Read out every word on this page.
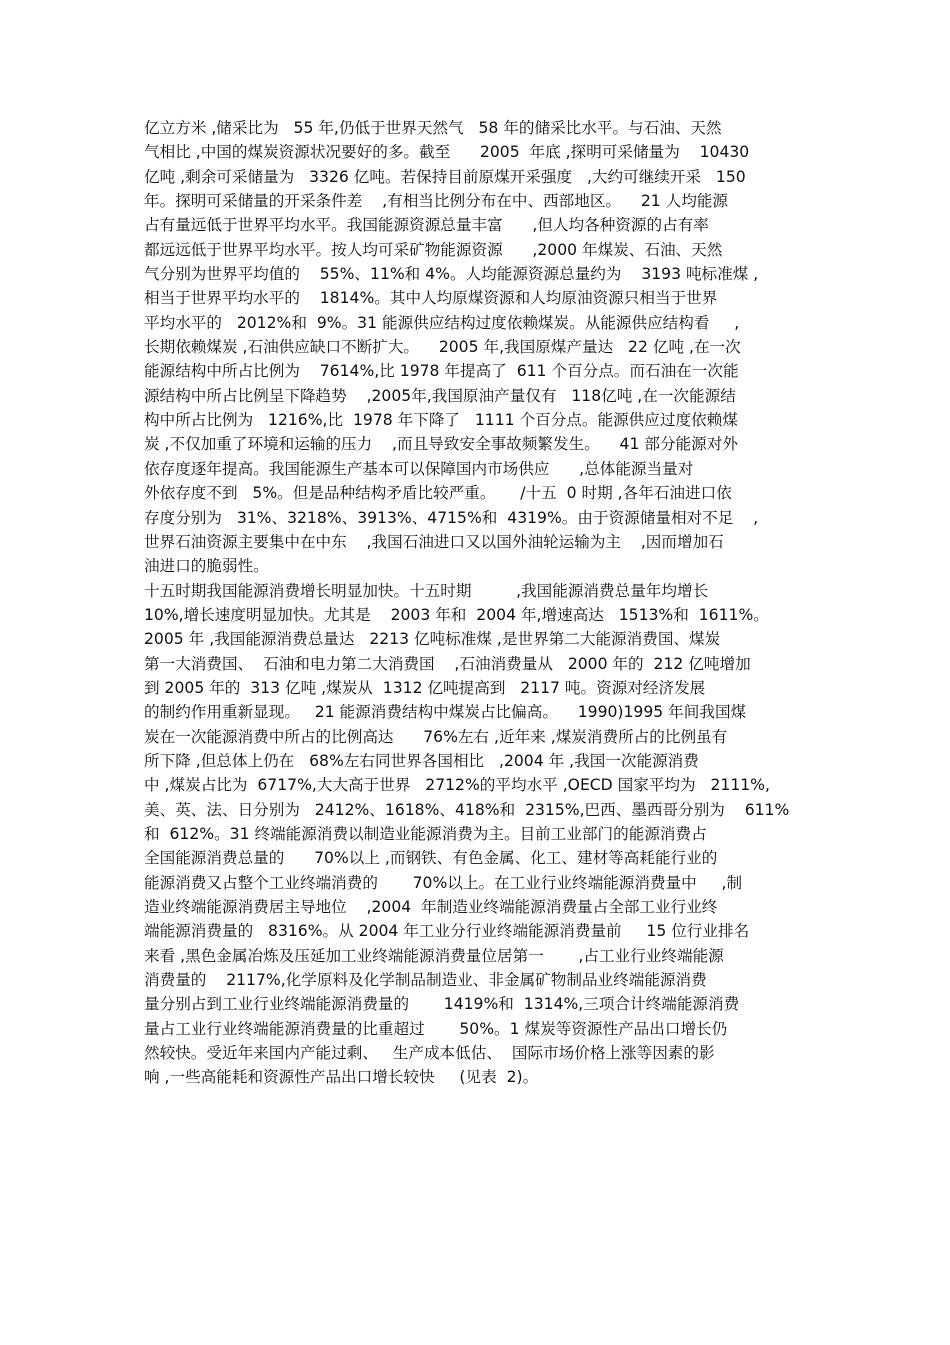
亿立方米 ,储采比为   55 年,仍低于世界天然气   58 年的储采比水平。与石油、天然
气相比 ,中国的煤炭资源状况要好的多。截至      2005  年底 ,探明可采储量为    10430
亿吨 ,剩余可采储量为   3326 亿吨。若保持目前原煤开采强度   ,大约可继续开采   150
年。探明可采储量的开采条件差    ,有相当比例分布在中、西部地区。    21 人均能源
占有量远低于世界平均水平。我国能源资源总量丰富      ,但人均各种资源的占有率
都远远低于世界平均水平。按人均可采矿物能源资源      ,2000 年煤炭、石油、天然
气分别为世界平均值的    55%、11%和 4%。人均能源资源总量约为    3193 吨标准煤 ,
相当于世界平均水平的    1814%。其中人均原煤资源和人均原油资源只相当于世界
平均水平的   2012%和  9%。31 能源供应结构过度依赖煤炭。从能源供应结构看     ,
长期依赖煤炭 ,石油供应缺口不断扩大。    2005 年,我国原煤产量达   22 亿吨 ,在一次
能源结构中所占比例为    7614%,比 1978 年提高了  611 个百分点。而石油在一次能
源结构中所占比例呈下降趋势    ,2005年,我国原油产量仅有   118亿吨 ,在一次能源结
构中所占比例为   1216%,比  1978 年下降了   1111 个百分点。能源供应过度依赖煤
炭 ,不仅加重了环境和运输的压力    ,而且导致安全事故频繁发生。    41 部分能源对外
依存度逐年提高。我国能源生产基本可以保障国内市场供应      ,总体能源当量对
外依存度不到   5%。但是品种结构矛盾比较严重。     /十五  0 时期 ,各年石油进口依
存度分别为   31%、3218%、3913%、4715%和  4319%。由于资源储量相对不足    ,
世界石油资源主要集中在中东    ,我国石油进口又以国外油轮运输为主    ,因而增加石
油进口的脆弱性。
十五时期我国能源消费增长明显加快。十五时期         ,我国能源消费总量年均增长
10%,增长速度明显加快。尤其是    2003 年和  2004 年,增速高达   1513%和  1611%。
2005 年 ,我国能源消费总量达   2213 亿吨标准煤 ,是世界第二大能源消费国、煤炭
第一大消费国、  石油和电力第二大消费国    ,石油消费量从   2000 年的  212 亿吨增加
到 2005 年的  313 亿吨 ,煤炭从  1312 亿吨提高到   2117 吨。资源对经济发展
的制约作用重新显现。   21 能源消费结构中煤炭占比偏高。    1990)1995 年间我国煤
炭在一次能源消费中所占的比例高达      76%左右 ,近年来 ,煤炭消费所占的比例虽有
所下降 ,但总体上仍在   68%左右同世界各国相比   ,2004 年 ,我国一次能源消费
中 ,煤炭占比为  6717%,大大高于世界   2712%的平均水平 ,OECD 国家平均为   2111%,
美、英、法、日分别为   2412%、1618%、418%和  2315%,巴西、墨西哥分别为    611%
和  612%。31 终端能源消费以制造业能源消费为主。目前工业部门的能源消费占
全国能源消费总量的      70%以上 ,而钢铁、有色金属、化工、建材等高耗能行业的
能源消费又占整个工业终端消费的       70%以上。在工业行业终端能源消费量中     ,制
造业终端能源消费居主导地位    ,2004  年制造业终端能源消费量占全部工业行业终
端能源消费量的   8316%。从 2004 年工业分行业终端能源消费量前     15 位行业排名
来看 ,黑色金属冶炼及压延加工业终端能源消费量位居第一       ,占工业行业终端能源
消费量的    2117%,化学原料及化学制品制造业、非金属矿物制品业终端能源消费
量分别占到工业行业终端能源消费量的       1419%和  1314%,三项合计终端能源消费
量占工业行业终端能源消费量的比重超过       50%。1 煤炭等资源性产品出口增长仍
然较快。受近年来国内产能过剩、   生产成本低估、  国际市场价格上涨等因素的影
响 ,一些高能耗和资源性产品出口增长较快     (见表  2)。
